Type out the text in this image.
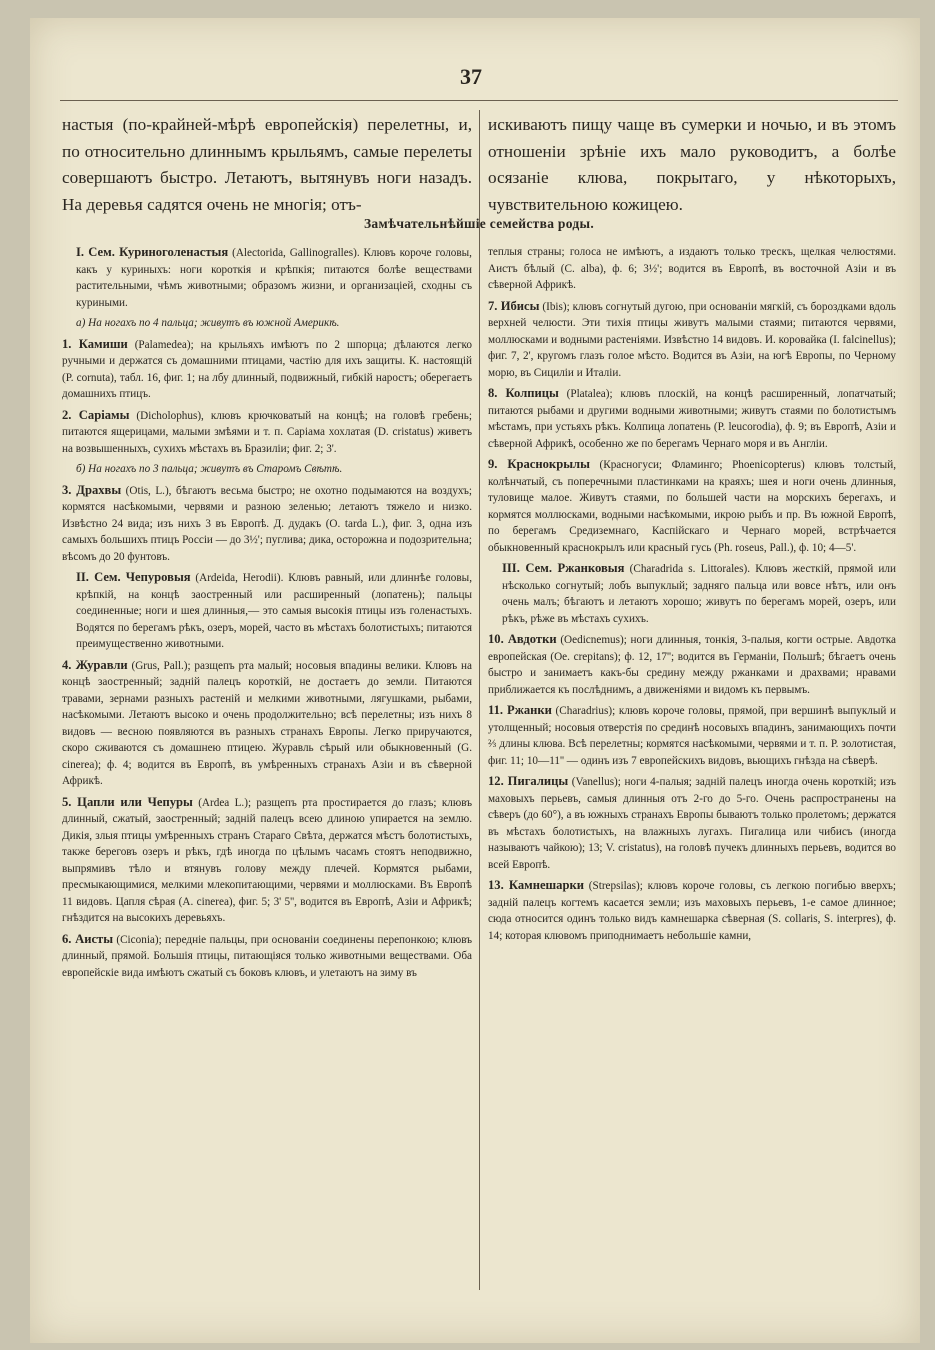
37

настыя (по-крайней-мѣрѣ европейскiя) перелетны, и, по относительно длиннымъ крыльямъ, самые перелеты совершаютъ быстро. Летаютъ, вытянувъ ноги назадъ. На деревья садятся очень не многiя; отъ-

искиваютъ пищу чаще въ сумерки и ночью, и въ этомъ отношенiи зрѣнiе ихъ мало руководитъ, а болѣе осязанiе клюва, покрытаго, у нѣкоторыхъ, чувствительною кожицею.

Замѣчательнѣйшiе семейства роды.

I. Сем. Куриноголенастыя (Alectorida, Gallinogralles). Клювъ короче головы, какъ у куриныхъ: ноги короткiя и крѣпкiя; питаются болѣе веществами растительными, чѣмъ животными; образомъ жизни, и организацiей, сходны съ куриными.

а) На ногахъ по 4 пальца; живутъ въ южной Америкѣ.

1. Камиши (Palamedea); на крыльяхъ имѣютъ по 2 шпорца; дѣлаются легко ручными и держатся съ домашними птицами, частiю для ихъ защиты. К. настоящiй (P. cornuta), табл. 16, фиг. 1; на лбу длинный, подвижный, гибкiй наростъ; оберегаетъ домашнихъ птицъ.

2. Сарiамы (Dicholophus), клювъ крючковатый на концѣ; на головѣ гребень; питаются ящерицами, малыми змѣями и т. п. Сарiама хохлатая (D. cristatus) живетъ на возвышенныхъ, сухихъ мѣстахъ въ Бразилiи; фиг. 2; 3'.

б) На ногахъ по 3 пальца; живутъ въ Старомъ Свѣтѣ.

3. Драхвы (Otis, L.), бѣгаютъ весьма быстро; не охотно подымаются на воздухъ; кормятся насѣкомыми, червями и разною зеленью; летаютъ тяжело и низко. Извѣстно 24 вида; изъ нихъ 3 въ Европѣ. Д. дудакъ (O. tarda L.), фиг. 3, одна изъ самыхъ большихъ птицъ Россiи — до 3½'; пуглива; дика, осторожна и подозрительна; вѣсомъ до 20 фунтовъ.

II. Сем. Чепуровыя (Ardeida, Herodii). Клювъ равный, или длиннѣе головы, крѣпкiй, на концѣ заостренный или расширенный (лопатень); пальцы соединенные; ноги и шея длинныя,— это самыя высокiя птицы изъ голенастыхъ. Водятся по берегамъ рѣкъ, озеръ, морей, часто въ мѣстахъ болотистыхъ; питаются преимущественно животными.

4. Журавли (Grus, Pall.); разщепъ рта малый; носовыя впадины велики. Клювъ на концѣ заостренный; заднiй палецъ короткiй, не достаетъ до земли. Питаются травами, зернами разныхъ растенiй и мелкими животными, лягушками, рыбами, насѣкомыми. Летаютъ высоко и очень продолжительно; всѣ перелетны; изъ нихъ 8 видовъ — весною появляются въ разныхъ странахъ Европы. Легко приручаются, скоро сживаются съ домашнею птицею. Журавль сѣрый или обыкновенный (G. cinerea); ф. 4; водится въ Европѣ, въ умѣренныхъ странахъ Азiи и въ сѣверной Африкѣ.

5. Цапли или Чепуры (Ardea L.); разщепъ рта простирается до глазъ; клювъ длинный, сжатый, заостренный; заднiй палецъ всею длиною упирается на землю. Дикiя, злыя птицы умѣренныхъ странъ Стараго Свѣта, держатся мѣстъ болотистыхъ, также береговъ озеръ и рѣкъ, гдѣ иногда по цѣлымъ часамъ стоятъ неподвижно, выпрямивъ тѣло и втянувъ голову между плечей. Кормятся рыбами, пресмыкающимися, мелкими млекопитающими, червями и моллюсками. Въ Европѣ 11 видовъ. Цапля сѣрая (A. cinerea), фиг. 5; 3' 5'', водится въ Европѣ, Азiи и Африкѣ; гнѣздится на высокихъ деревьяхъ.

6. Аисты (Ciconia); переднiе пальцы, при основанiи соединены перепонкою; клювъ длинный, прямой. Большiя птицы, питающiяся только животными веществами. Оба европейскiе вида имѣютъ сжатый съ боковъ клювъ, и улетаютъ на зиму въ

теплыя страны; голоса не имѣютъ, а издаютъ только трескъ, щелкая челюстями. Аистъ бѣлый (C. alba), ф. 6; 3½'; водится въ Европѣ, въ восточной Азiи и въ сѣверной Африкѣ.

7. Ибисы (Ibis); клювъ согнутый дугою, при основанiи мягкiй, съ бороздками вдоль верхней челюсти. Эти тихiя птицы живутъ малыми стаями; питаются червями, моллюсками и водными растенiями. Извѣстно 14 видовъ. И. коровайка (I. falcinellus); фиг. 7, 2', кругомъ глазъ голое мѣсто. Водится въ Азiи, на югѣ Европы, по Черному морю, въ Сицилiи и Италiи.

8. Колпицы (Platalea); клювъ плоскiй, на концѣ расширенный, лопатчатый; питаются рыбами и другими водными животными; живутъ стаями по болотистымъ мѣстамъ, при устьяхъ рѣкъ. Колпица лопатень (P. leucorodia), ф. 9; въ Европѣ, Азiи и сѣверной Африкѣ, особенно же по берегамъ Чернаго моря и въ Англiи.

9. Краснокрылы (Красногуси; Фламинго; Phoenicopterus) клювъ толстый, колѣнчатый, съ поперечными пластинками на краяхъ; шея и ноги очень длинныя, туловище малое. Живутъ стаями, по большей части на морскихъ берегахъ, и кормятся моллюсками, водными насѣкомыми, икрою рыбъ и пр. Въ южной Европѣ, по берегамъ Средиземнаго, Каспiйскаго и Чернаго морей, встрѣчается обыкновенный краснокрылъ или красный гусь (Ph. roseus, Pall.), ф. 10; 4—5'.

III. Сем. Ржанковыя (Charadrida s. Littorales). Клювъ жесткiй, прямой или нѣсколько согнутый; лобъ выпуклый; задняго пальца или вовсе нѣтъ, или онъ очень малъ; бѣгаютъ и летаютъ хорошо; живутъ по берегамъ морей, озеръ, или рѣкъ, рѣже въ мѣстахъ сухихъ.

10. Авдотки (Oedicnemus); ноги длинныя, тонкiя, 3-палыя, когти острые. Авдотка европейская (Oe. crepitans); ф. 12, 17''; водится въ Германiи, Польшѣ; бѣгаетъ очень быстро и занимаетъ какъ-бы средину между ржанками и драхвами; нравами приближается къ послѣднимъ, а движенiями и видомъ къ первымъ.

11. Ржанки (Charadrius); клювъ короче головы, прямой, при вершинѣ выпуклый и утолщенный; носовыя отверстiя по срединѣ носовыхъ впадинъ, занимающихъ почти ⅔ длины клюва. Всѣ перелетны; кормятся насѣкомыми, червями и т. п. Р. золотистая, фиг. 11; 10—11'' — одинъ изъ 7 европейскихъ видовъ, вьющихъ гнѣзда на сѣверѣ.

12. Пигалицы (Vanellus); ноги 4-палыя; заднiй палецъ иногда очень короткiй; изъ маховыхъ перьевъ, самыя длинныя отъ 2-го до 5-го. Очень распространены на сѣверъ (до 60°), а въ южныхъ странахъ Европы бываютъ только пролетомъ; держатся въ мѣстахъ болотистыхъ, на влажныхъ лугахъ. Пигалица или чибисъ (иногда называютъ чайкою); 13; V. cristatus), на головѣ пучекъ длинныхъ перьевъ, водится во всей Европѣ.

13. Камнешарки (Strepsilas); клювъ короче головы, съ легкою погибью вверхъ; заднiй палецъ когтемъ касается земли; изъ маховыхъ перьевъ, 1-е самое длинное; сюда относится одинъ только видъ камнешарка сѣверная (S. collaris, S. interpres), ф. 14; которая клювомъ приподнимаетъ небольшiе камни,
